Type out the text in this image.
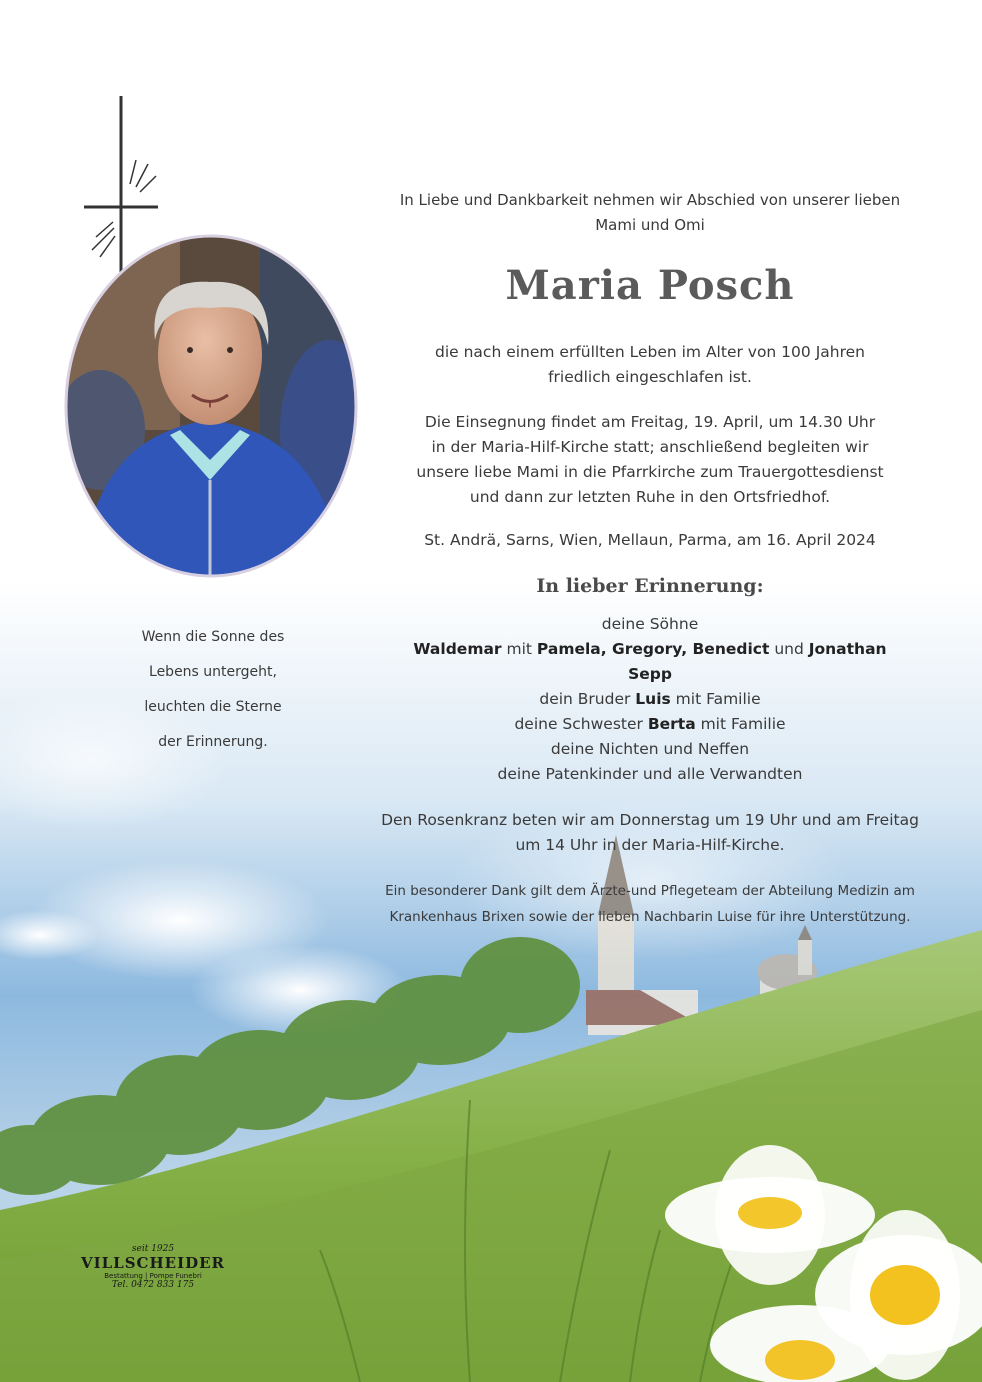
In Liebe und Dankbarkeit nehmen wir Abschied von unserer lieben
Mami und Omi
Maria Posch
die nach einem erfüllten Leben im Alter von 100 Jahren
friedlich eingeschlafen ist.
Die Einsegnung findet am Freitag, 19. April, um 14.30 Uhr
in der Maria-Hilf-Kirche statt; anschließend begleiten wir
unsere liebe Mami in die Pfarrkirche zum Trauergottesdienst
und dann zur letzten Ruhe in den Ortsfriedhof.
St. Andrä, Sarns, Wien, Mellaun, Parma, am 16. April 2024
In lieber Erinnerung:
deine Söhne
Waldemar mit Pamela, Gregory, Benedict und Jonathan
Sepp
dein Bruder Luis mit Familie
deine Schwester Berta mit Familie
deine Nichten und Neffen
deine Patenkinder und alle Verwandten
Den Rosenkranz beten wir am Donnerstag um 19 Uhr und am Freitag
um 14 Uhr in der Maria-Hilf-Kirche.
Ein besonderer Dank gilt dem Ärzte-und Pflegeteam der Abteilung Medizin am
Krankenhaus Brixen sowie der lieben Nachbarin Luise für ihre Unterstützung.
Wenn die Sonne des
Lebens untergeht,
leuchten die Sterne
der Erinnerung.
seit 1925
VILLSCHEIDER
Bestattung | Pompe Funebri
Tel. 0472 833 175
